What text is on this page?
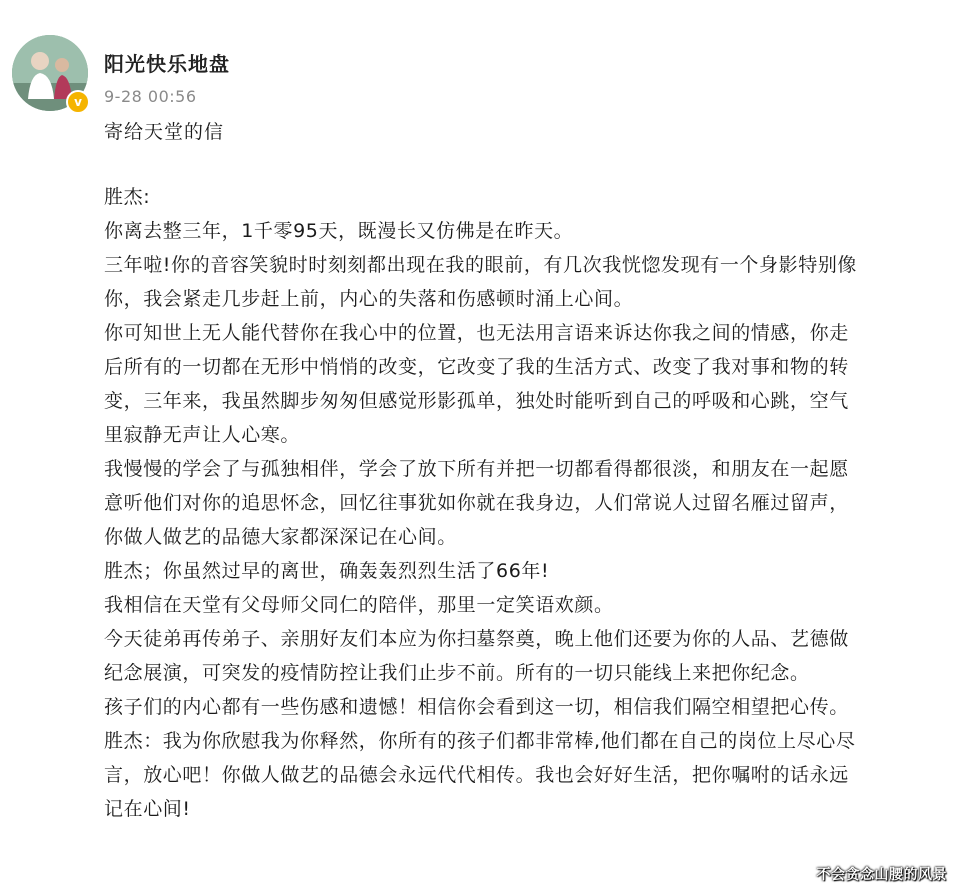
v
阳光快乐地盘
9-28 00:56
寄给天堂的信

胜杰:

你离去整三年，1千零95天，既漫长又仿佛是在昨天。

三年啦!你的音容笑貌时时刻刻都出现在我的眼前，有几次我恍惚发现有一个身影特别像
你，我会紧走几步赶上前，内心的失落和伤感顿时涌上心间。

你可知世上无人能代替你在我心中的位置，也无法用言语来诉达你我之间的情感，你走
后所有的一切都在无形中悄悄的改变，它改变了我的生活方式、改变了我对事和物的转
变，三年来，我虽然脚步匆匆但感觉形影孤单，独处时能听到自己的呼吸和心跳，空气
里寂静无声让人心寒。

我慢慢的学会了与孤独相伴，学会了放下所有并把一切都看得都很淡，和朋友在一起愿
意听他们对你的追思怀念，回忆往事犹如你就在我身边，人们常说人过留名雁过留声，
你做人做艺的品德大家都深深记在心间。

胜杰；你虽然过早的离世，确轰轰烈烈生活了66年!

我相信在天堂有父母师父同仁的陪伴，那里一定笑语欢颜。

今天徒弟再传弟子、亲朋好友们本应为你扫墓祭奠，晚上他们还要为你的人品、艺德做
纪念展演，可突发的疫情防控让我们止步不前。所有的一切只能线上来把你纪念。

孩子们的内心都有一些伤感和遗憾！相信你会看到这一切，相信我们隔空相望把心传。

胜杰：我为你欣慰我为你释然，你所有的孩子们都非常棒,他们都在自己的岗位上尽心尽
言，放心吧！你做人做艺的品德会永远代代相传。我也会好好生活，把你嘱咐的话永远
记在心间!

不会贪念山腰的风景
